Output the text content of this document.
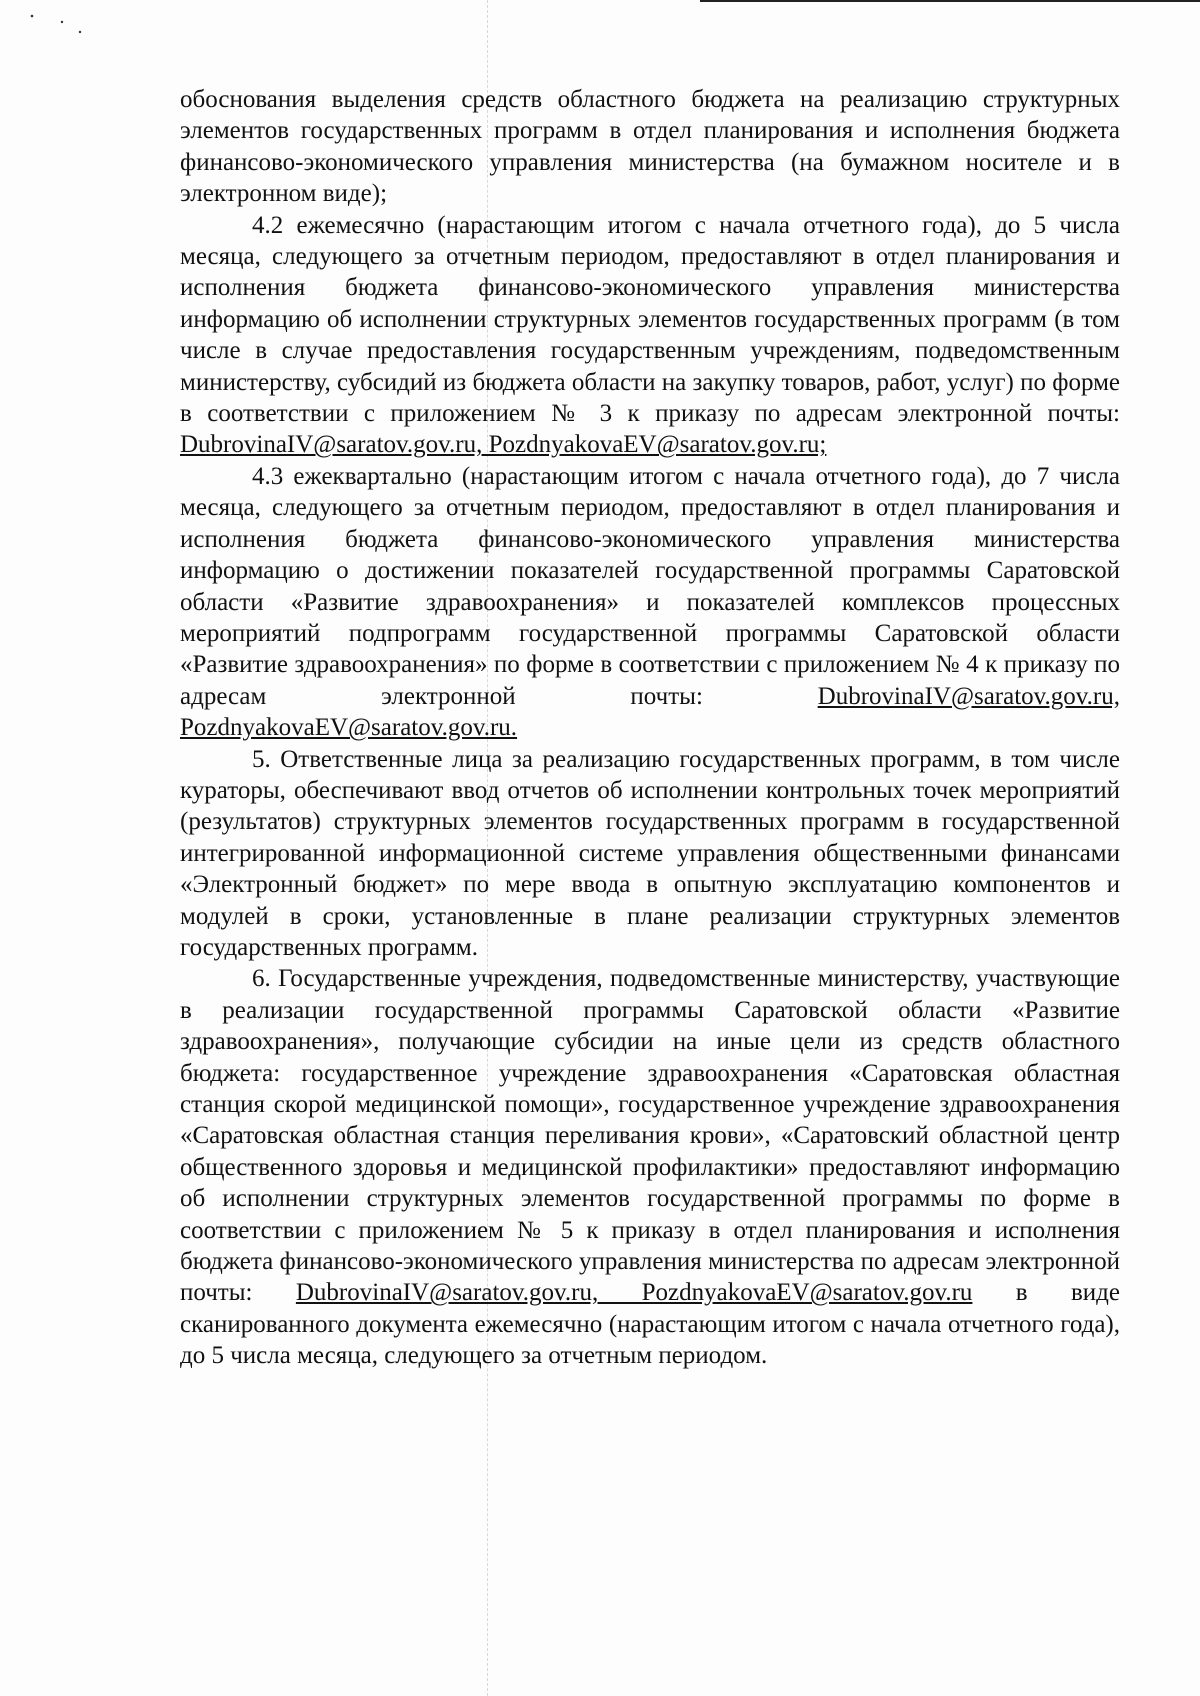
обоснования выделения средств областного бюджета на реализацию структурных элементов государственных программ в отдел планирования и исполнения бюджета финансово-экономического управления министерства (на бумажном носителе и в электронном виде);

4.2 ежемесячно (нарастающим итогом с начала отчетного года), до 5 числа месяца, следующего за отчетным периодом, предоставляют в отдел планирования и исполнения бюджета финансово-экономического управления министерства информацию об исполнении структурных элементов государственных программ (в том числе в случае предоставления государственным учреждениям, подведомственным министерству, субсидий из бюджета области на закупку товаров, работ, услуг) по форме в соответствии с приложением № 3 к приказу по адресам электронной почты: DubrovinaIV@saratov.gov.ru, PozdnyakovaEV@saratov.gov.ru;

4.3 ежеквартально (нарастающим итогом с начала отчетного года), до 7 числа месяца, следующего за отчетным периодом, предоставляют в отдел планирования и исполнения бюджета финансово-экономического управления министерства информацию о достижении показателей государственной программы Саратовской области «Развитие здравоохранения» и показателей комплексов процессных мероприятий подпрограмм государственной программы Саратовской области «Развитие здравоохранения» по форме в соответствии с приложением № 4 к приказу по адресам электронной почты: DubrovinaIV@saratov.gov.ru, PozdnyakovaEV@saratov.gov.ru.

5. Ответственные лица за реализацию государственных программ, в том числе кураторы, обеспечивают ввод отчетов об исполнении контрольных точек мероприятий (результатов) структурных элементов государственных программ в государственной интегрированной информационной системе управления общественными финансами «Электронный бюджет» по мере ввода в опытную эксплуатацию компонентов и модулей в сроки, установленные в плане реализации структурных элементов государственных программ.

6. Государственные учреждения, подведомственные министерству, участвующие в реализации государственной программы Саратовской области «Развитие здравоохранения», получающие субсидии на иные цели из средств областного бюджета: государственное учреждение здравоохранения «Саратовская областная станция скорой медицинской помощи», государственное учреждение здравоохранения «Саратовская областная станция переливания крови», «Саратовский областной центр общественного здоровья и медицинской профилактики» предоставляют информацию об исполнении структурных элементов государственной программы по форме в соответствии с приложением № 5 к приказу в отдел планирования и исполнения бюджета финансово-экономического управления министерства по адресам электронной почты: DubrovinaIV@saratov.gov.ru, PozdnyakovaEV@saratov.gov.ru в виде сканированного документа ежемесячно (нарастающим итогом с начала отчетного года), до 5 числа месяца, следующего за отчетным периодом.
